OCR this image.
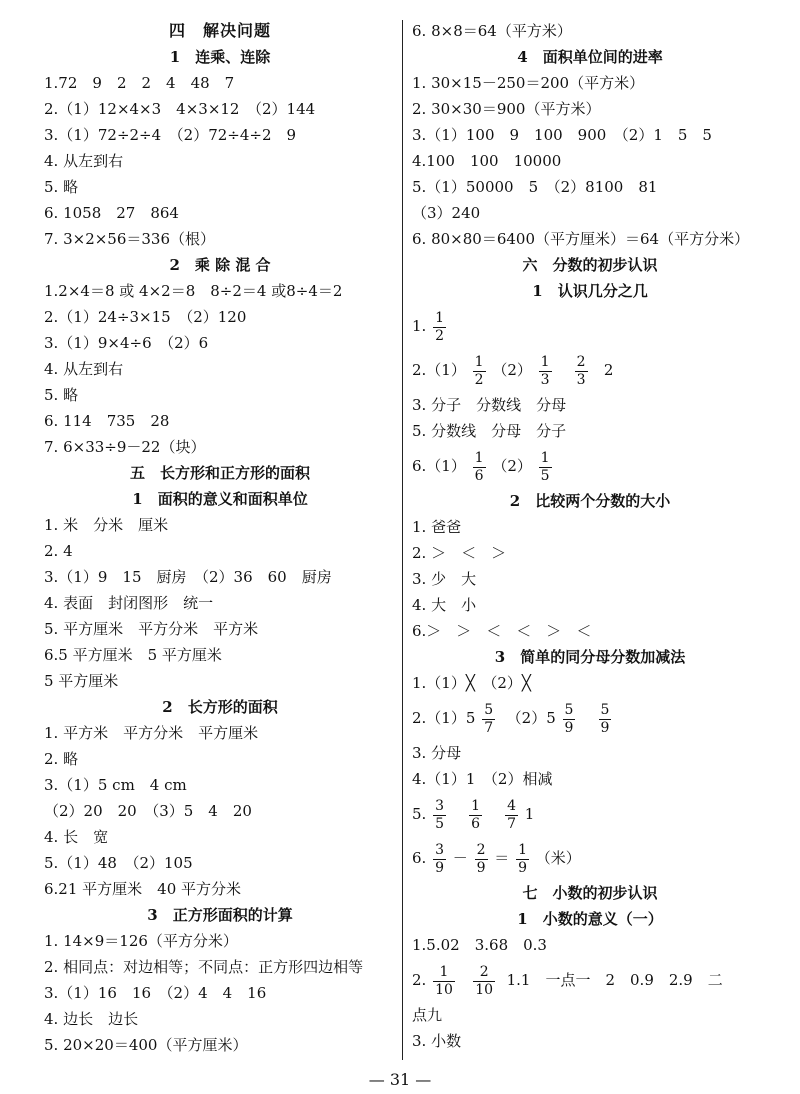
四　解决问题
1　连乘、连除
1.72　9　2　2　4　48　7
2.（1）12×4×3　4×3×12　（2）144
3.（1）72÷2÷4　（2）72÷4÷2　9
4. 从左到右
5. 略
6. 1058　27　864
7. 3×2×56＝336（根）
2　乘 除 混 合
1.2×4＝8 或 4×2＝8　8÷2＝4 或8÷4＝2
2.（1）24÷3×15　（2）120
3.（1）9×4÷6　（2）6
4. 从左到右
5. 略
6. 114　735　28
7. 6×33÷9－22（块）
五　长方形和正方形的面积
1　面积的意义和面积单位
1. 米　分米　厘米
2. 4
3.（1）9　15　厨房　（2）36　60　厨房
4. 表面　封闭图形　统一
5. 平方厘米　平方分米　平方米
6.5 平方厘米　5 平方厘米
5 平方厘米
2　长方形的面积
1. 平方米　平方分米　平方厘米
2. 略
3.（1）5 cm　4 cm
（2）20　20　（3）5　4　20
4. 长　宽
5.（1）48　（2）105
6.21 平方厘米　40 平方分米
3　正方形面积的计算
1. 14×9＝126（平方分米）
2. 相同点：对边相等；不同点：正方形四边相等
3.（1）16　16　（2）4　4　16
4. 边长　边长
5. 20×20＝400（平方厘米）
6. 8×8＝64（平方米）
4　面积单位间的进率
1. 30×15－250＝200（平方米）
2. 30×30＝900（平方米）
3.（1）100　9　100　900　（2）1　5　5
4.100　100　10000
5.（1）50000　5　（2）8100　81
（3）240
6. 80×80＝6400（平方厘米）＝64（平方分米）
六　分数的初步认识
1　认识几分之几
1. $\frac{1}{2}$
$2.(1) \frac{1}{2} (2) \frac{1}{3}$
$\frac{2}{3} 2$
3. 分子　分数线　分母
5. 分数线　分母　分子
$6.(1) \frac{1}{6} (2) \frac{1}{5}$
2　比较两个分数的大小
1. 爸爸
2. ＞　＜　＞
3. 少　大
4. 大　小
6.＞　＞　＜　＜　＞　＜
3　简单的同分母分数加减法
1.（1）╳　（2）╳
$2.(1)5 \frac{5}{7} (2)5 \frac{5}{9}$
$\frac{5}{9}$
3. 分母
4.（1）1　（2）相减
5. $\frac{3}{5}$
$\frac{1}{6}$
$\frac{4}{7} 1$
6. $\frac{3}{9} - \frac{2}{9} = \frac{1}{9}$ （米）
七　小数的初步认识
1　小数的意义（一）
1.5.02　3.68　0.3
2. $\frac{1}{10}$
$\frac{2}{10} 1.1$　一点一　2　0.9　2.9　二
点九
3. 小数
— 31 —
